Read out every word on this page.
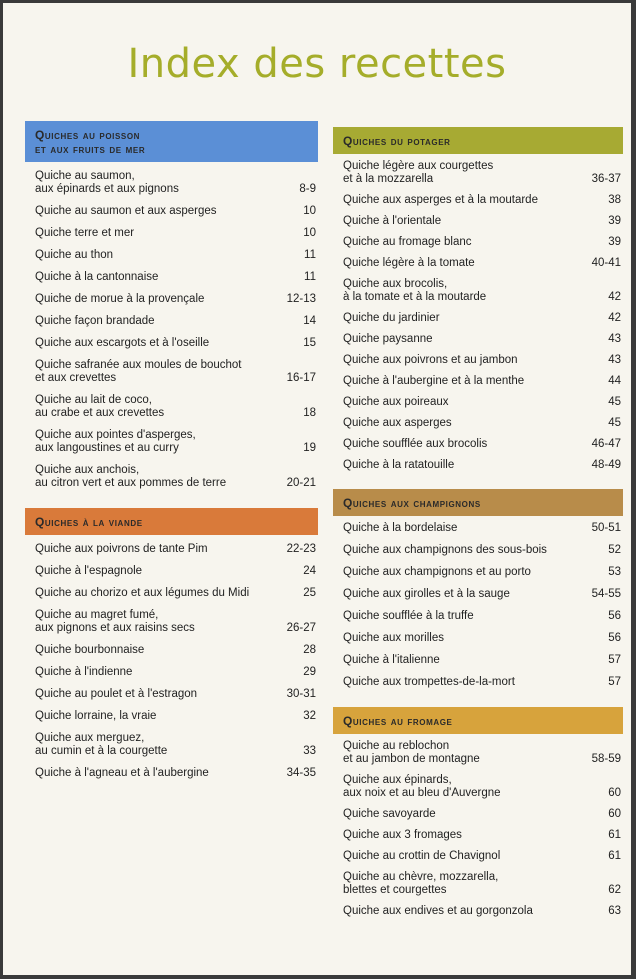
Index des recettes
Quiches au poisson
et aux fruits de mer
Quiche au saumon,
aux épinards et aux pignons	8-9
Quiche au saumon et aux asperges	10
Quiche terre et mer	10
Quiche au thon	11
Quiche à la cantonnaise	11
Quiche de morue à la provençale	12-13
Quiche façon brandade	14
Quiche aux escargots et à l'oseille	15
Quiche safranée aux moules de bouchot
et aux crevettes	16-17
Quiche au lait de coco,
au crabe et aux crevettes	18
Quiche aux pointes d'asperges,
aux langoustines et au curry	19
Quiche aux anchois,
au citron vert et aux pommes de terre	20-21
Quiches à la viande
Quiche aux poivrons de tante Pim	22-23
Quiche à l'espagnole	24
Quiche au chorizo et aux légumes du Midi	25
Quiche au magret fumé,
aux pignons et aux raisins secs	26-27
Quiche bourbonnaise	28
Quiche à l'indienne	29
Quiche au poulet et à l'estragon	30-31
Quiche lorraine, la vraie	32
Quiche aux merguez,
au cumin et à la courgette	33
Quiche à l'agneau et à l'aubergine	34-35
Quiches du potager
Quiche légère aux courgettes
et à la mozzarella	36-37
Quiche aux asperges et à la moutarde	38
Quiche à l'orientale	39
Quiche au fromage blanc	39
Quiche légère à la tomate	40-41
Quiche aux brocolis,
à la tomate et à la moutarde	42
Quiche du jardinier	42
Quiche paysanne	43
Quiche aux poivrons et au jambon	43
Quiche à l'aubergine et à la menthe	44
Quiche aux poireaux	45
Quiche aux asperges	45
Quiche soufflée aux brocolis	46-47
Quiche à la ratatouille	48-49
Quiches aux champignons
Quiche à la bordelaise	50-51
Quiche aux champignons des sous-bois	52
Quiche aux champignons et au porto	53
Quiche aux girolles et à la sauge	54-55
Quiche soufflée à la truffe	56
Quiche aux morilles	56
Quiche à l'italienne	57
Quiche aux trompettes-de-la-mort	57
Quiches au fromage
Quiche au reblochon
et au jambon de montagne	58-59
Quiche aux épinards,
aux noix et au bleu d'Auvergne	60
Quiche savoyarde	60
Quiche aux 3 fromages	61
Quiche au crottin de Chavignol	61
Quiche au chèvre, mozzarella,
blettes et courgettes	62
Quiche aux endives et au gorgonzola	63
